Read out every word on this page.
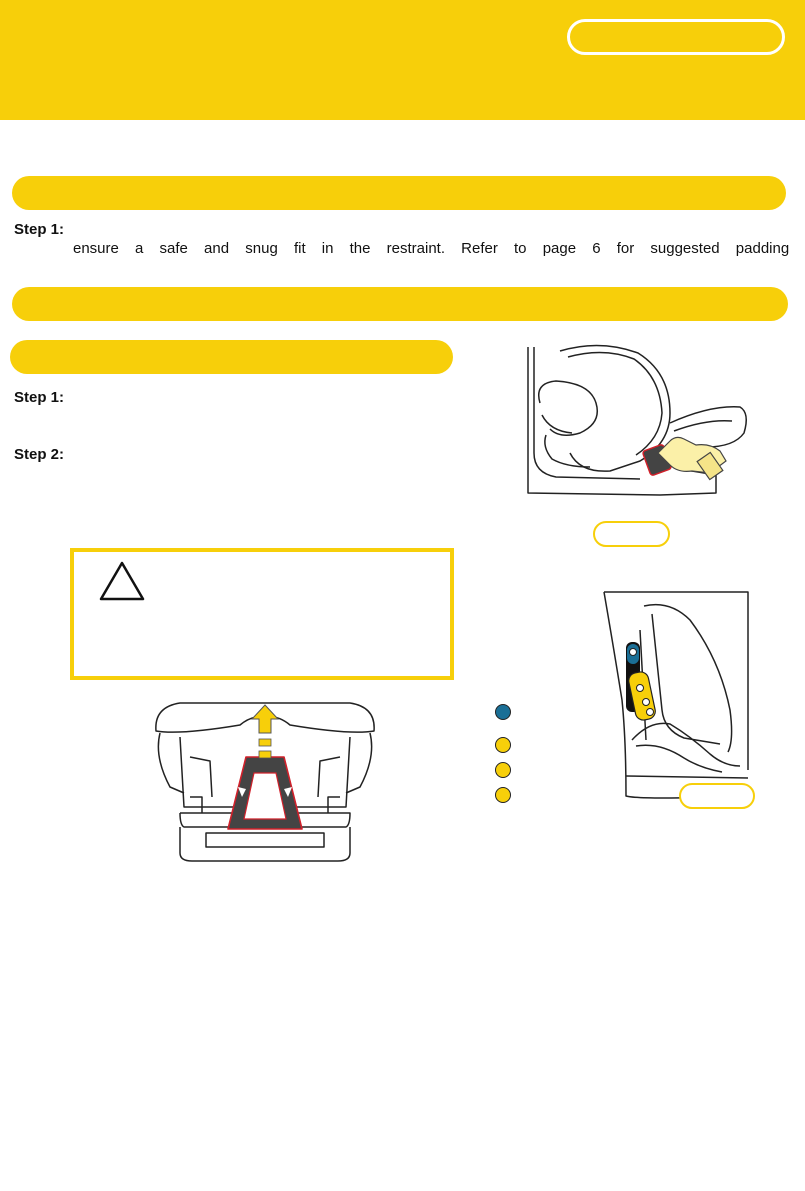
Step 1:
ensure a safe and snug fit in the restraint. Refer to page 6 for suggested padding
Step 1:
Step 2:
